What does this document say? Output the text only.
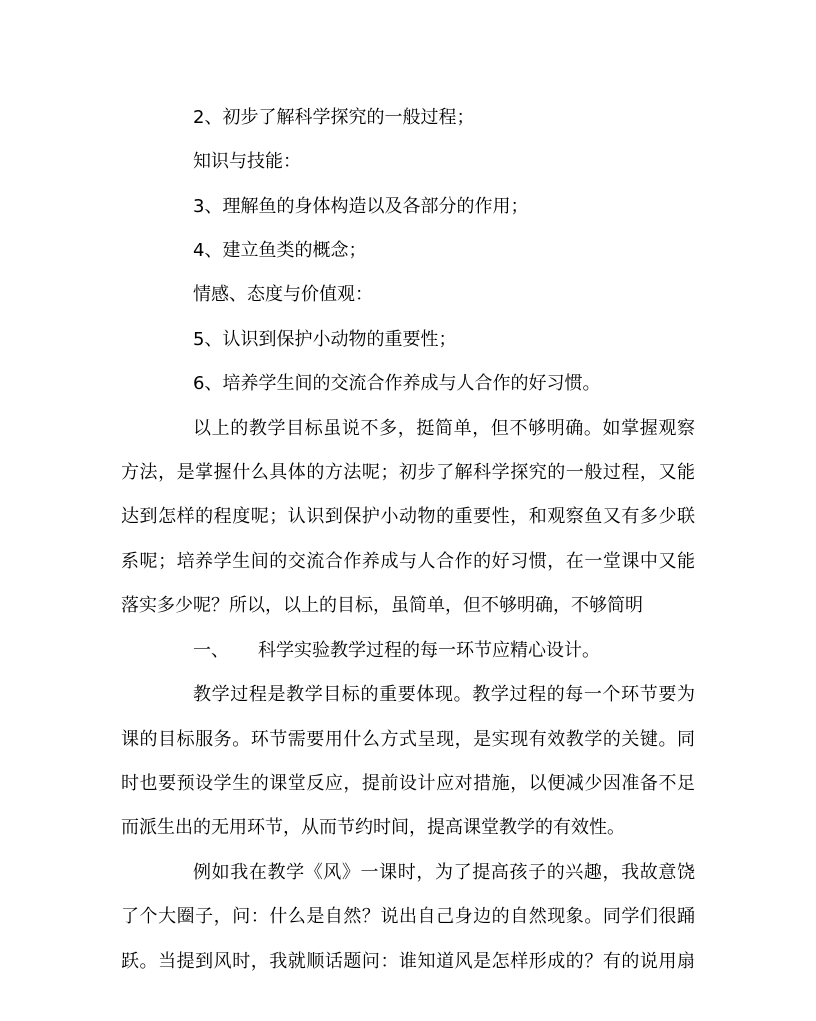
2、初步了解科学探究的一般过程；
知识与技能：
3、理解鱼的身体构造以及各部分的作用；
4、建立鱼类的概念；
情感、态度与价值观：
5、认识到保护小动物的重要性；
6、培养学生间的交流合作养成与人合作的好习惯。
以上的教学目标虽说不多，挺简单，但不够明确。如掌握观察
方法，是掌握什么具体的方法呢；初步了解科学探究的一般过程，又能
达到怎样的程度呢；认识到保护小动物的重要性，和观察鱼又有多少联
系呢；培养学生间的交流合作养成与人合作的好习惯，在一堂课中又能
落实多少呢？所以，以上的目标，虽简单，但不够明确，不够简明
一、 科学实验教学过程的每一环节应精心设计。
教学过程是教学目标的重要体现。教学过程的每一个环节要为
课的目标服务。环节需要用什么方式呈现，是实现有效教学的关键。同
时也要预设学生的课堂反应，提前设计应对措施，以便减少因准备不足
而派生出的无用环节，从而节约时间，提高课堂教学的有效性。
例如我在教学《风》一课时，为了提高孩子的兴趣，我故意饶
了个大圈子，问：什么是自然？说出自己身边的自然现象。同学们很踊
跃。当提到风时，我就顺话题问：谁知道风是怎样形成的？有的说用扇
